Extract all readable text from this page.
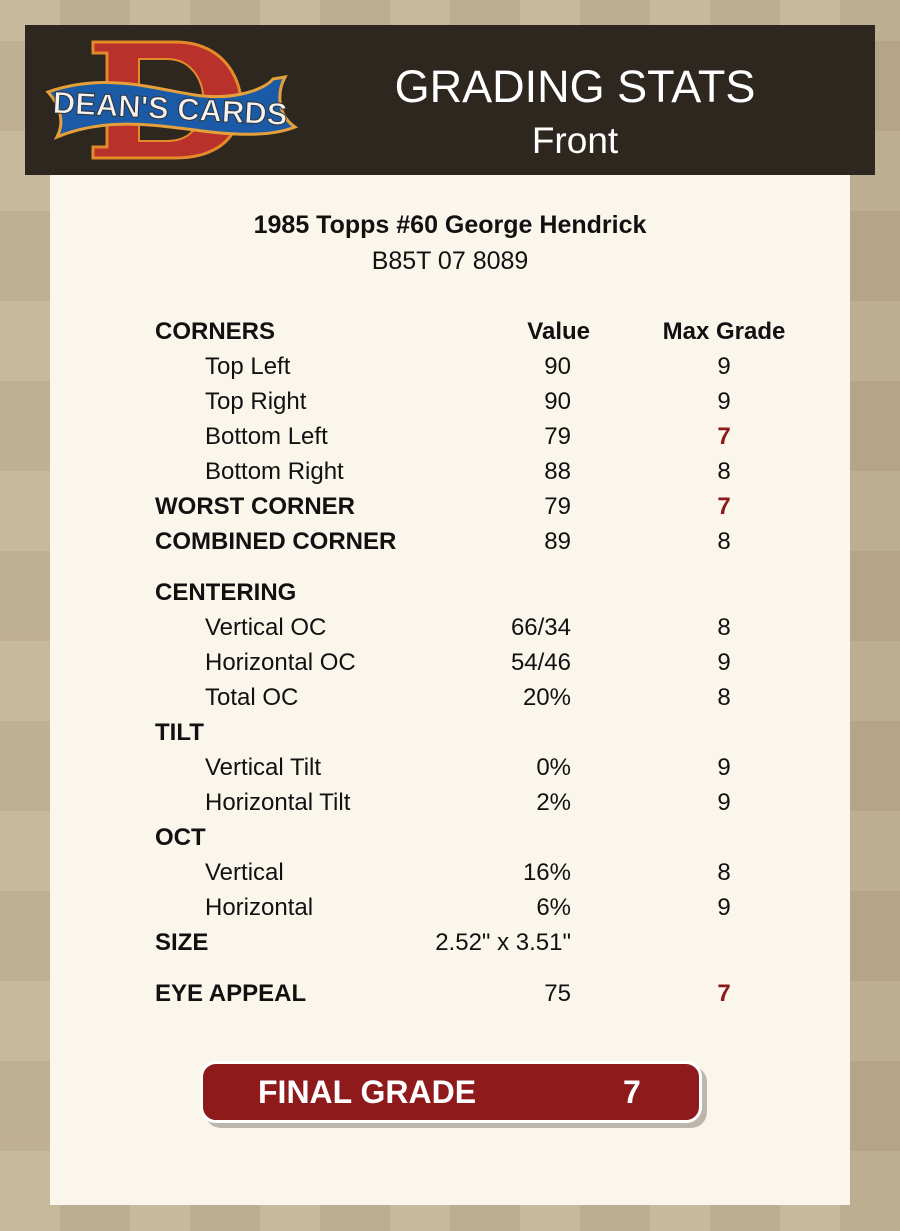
DEAN'S CARDS	GRADING STATS
Front
1985 Topps #60 George Hendrick
B85T 07 8089
CORNERS	Value	Max Grade
Top Left	90	9
Top Right	90	9
Bottom Left	79	7
Bottom Right	88	8
WORST CORNER	79	7
COMBINED CORNER	89	8
CENTERING
Vertical OC	66/34	8
Horizontal OC	54/46	9
Total OC	20%	8
TILT
Vertical Tilt	0%	9
Horizontal Tilt	2%	9
OCT
Vertical	16%	8
Horizontal	6%	9
SIZE	2.52" x 3.51"
EYE APPEAL	75	7
FINAL GRADE	7
